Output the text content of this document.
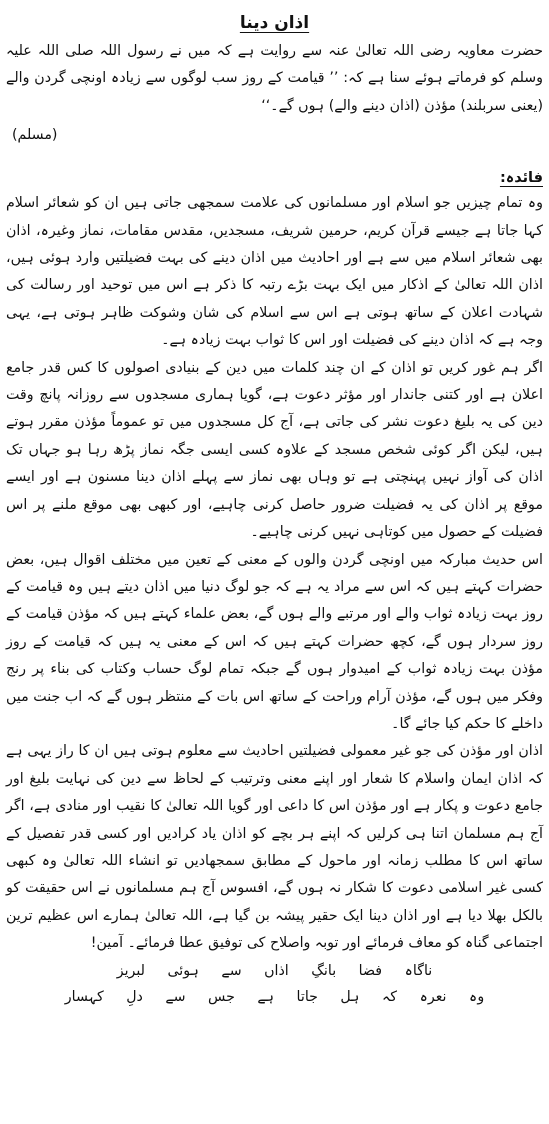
اذان دینا

حضرت معاویہ رضی اللہ تعالیٰ عنہ سے روایت ہے کہ میں نے رسول اللہ صلی اللہ علیہ وسلم کو فرماتے ہوئے سنا ہے کہ: ’’ قیامت کے روز سب لوگوں سے زیادہ اونچی گردن والے (یعنی سربلند) مؤذن (اذان دینے والے) ہوں گے۔‘‘

(مسلم)

فائدہ:

وہ تمام چیزیں جو اسلام اور مسلمانوں کی علامت سمجھی جاتی ہیں ان کو شعائر اسلام کہا جاتا ہے جیسے قرآن کریم، حرمین شریف، مسجدیں، مقدس مقامات، نماز وغیرہ، اذان بھی شعائر اسلام میں سے ہے اور احادیث میں اذان دینے کی بہت فضیلتیں وارد ہوئی ہیں، اذان اللہ تعالیٰ کے اذکار میں ایک بہت بڑے رتبہ کا ذکر ہے اس میں توحید اور رسالت کی شہادت اعلان کے ساتھ ہوتی ہے اس سے اسلام کی شان وشوکت ظاہر ہوتی ہے، یہی وجہ ہے کہ اذان دینے کی فضیلت اور اس کا ثواب بہت زیادہ ہے۔

اگر ہم غور کریں تو اذان کے ان چند کلمات میں دین کے بنیادی اصولوں کا کس قدر جامع اعلان ہے اور کتنی جاندار اور مؤثر دعوت ہے، گویا ہماری مسجدوں سے روزانہ پانچ وقت دین کی یہ بلیغ دعوت نشر کی جاتی ہے، آج کل مسجدوں میں تو عموماً مؤذن مقرر ہوتے ہیں، لیکن اگر کوئی شخص مسجد کے علاوہ کسی ایسی جگہ نماز پڑھ رہا ہو جہاں تک اذان کی آواز نہیں پہنچتی ہے تو وہاں بھی نماز سے پہلے اذان دینا مسنون ہے اور ایسے موقع پر اذان کی یہ فضیلت ضرور حاصل کرنی چاہیے، اور کبھی بھی موقع ملنے پر اس فضیلت کے حصول میں کوتاہی نہیں کرنی چاہیے۔

اس حدیث مبارکہ میں اونچی گردن والوں کے معنی کے تعین میں مختلف اقوال ہیں، بعض حضرات کہتے ہیں کہ اس سے مراد یہ ہے کہ جو لوگ دنیا میں اذان دیتے ہیں وہ قیامت کے روز بہت زیادہ ثواب والے اور مرتبے والے ہوں گے، بعض علماء کہتے ہیں کہ مؤذن قیامت کے روز سردار ہوں گے، کچھ حضرات کہتے ہیں کہ اس کے معنی یہ ہیں کہ قیامت کے روز مؤذن بہت زیادہ ثواب کے امیدوار ہوں گے جبکہ تمام لوگ حساب وکتاب کی بناء پر رنج وفکر میں ہوں گے، مؤذن آرام وراحت کے ساتھ اس بات کے منتظر ہوں گے کہ اب جنت میں داخلے کا حکم کیا جائے گا۔

اذان اور مؤذن کی جو غیر معمولی فضیلتیں احادیث سے معلوم ہوتی ہیں ان کا راز یہی ہے کہ اذان ایمان واسلام کا شعار اور اپنے معنی وترتیب کے لحاظ سے دین کی نہایت بلیغ اور جامع دعوت و پکار ہے اور مؤذن اس کا داعی اور گویا اللہ تعالیٰ کا نقیب اور منادی ہے، اگر آج ہم مسلمان اتنا ہی کرلیں کہ اپنے ہر بچے کو اذان یاد کرادیں اور کسی قدر تفصیل کے ساتھ اس کا مطلب زمانہ اور ماحول کے مطابق سمجھادیں تو انشاء اللہ تعالیٰ وہ کبھی کسی غیر اسلامی دعوت کا شکار نہ ہوں گے، افسوس آج ہم مسلمانوں نے اس حقیقت کو بالکل بھلا دیا ہے اور اذان دینا ایک حقیر پیشہ بن گیا ہے، اللہ تعالیٰ ہمارے اس عظیم ترین اجتماعی گناہ کو معاف فرمائے اور توبہ واصلاح کی توفیق عطا فرمائے۔ آمین!

ناگاہ فضا بانگِ اذاں سے ہوئی لبریز

وہ نعرہ کہ ہل جاتا ہے جس سے دلِ کہسار
